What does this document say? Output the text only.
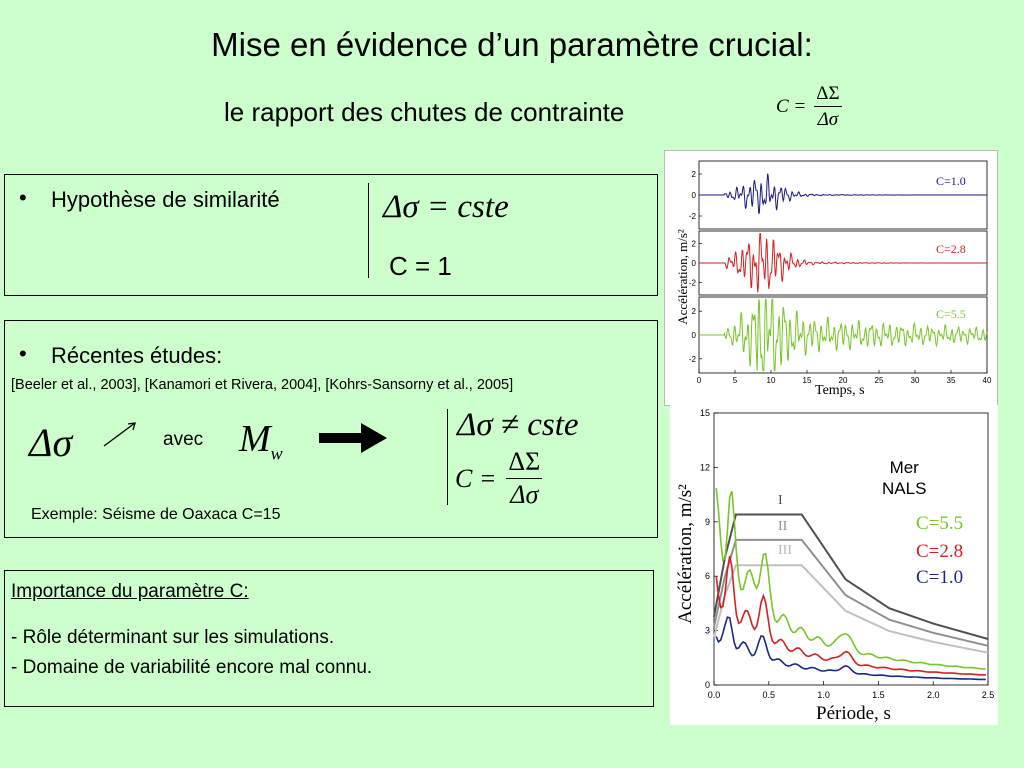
Mise en évidence d’un paramètre crucial:
le rapport des chutes de contrainte	$C = \frac{\Delta\Sigma}{\Delta\sigma}$
• Hypothèse de similarité	Δσ = cste
C = 1
• Récentes études:
[Beeler et al., 2003], [Kanamori et Rivera, 2004], [Kohrs-Sansorny et al., 2005]
Δσ	avec $M_w$
Δσ ≠ cste
$C = \frac{\Delta\Sigma}{\Delta\sigma}$
Exemple: Séisme de Oaxaca C=15
Importance du paramètre C:
- Rôle déterminant sur les simulations.
- Domaine de variabilité encore mal connu.
2
0
-2
2
0
-2
2
0
-2
0	5	10	15	20	25	30	35	40
Accélération, m/s²
Temps, s
C=1.0
C=2.8
C=5.5
0.0	0.5	1.0	1.5	2.0	2.5
15
12
9
6
3
0
Accélération, m/s²
Période, s
Mer
NALS
C=5.5
C=2.8
C=1.0
I
II
III
